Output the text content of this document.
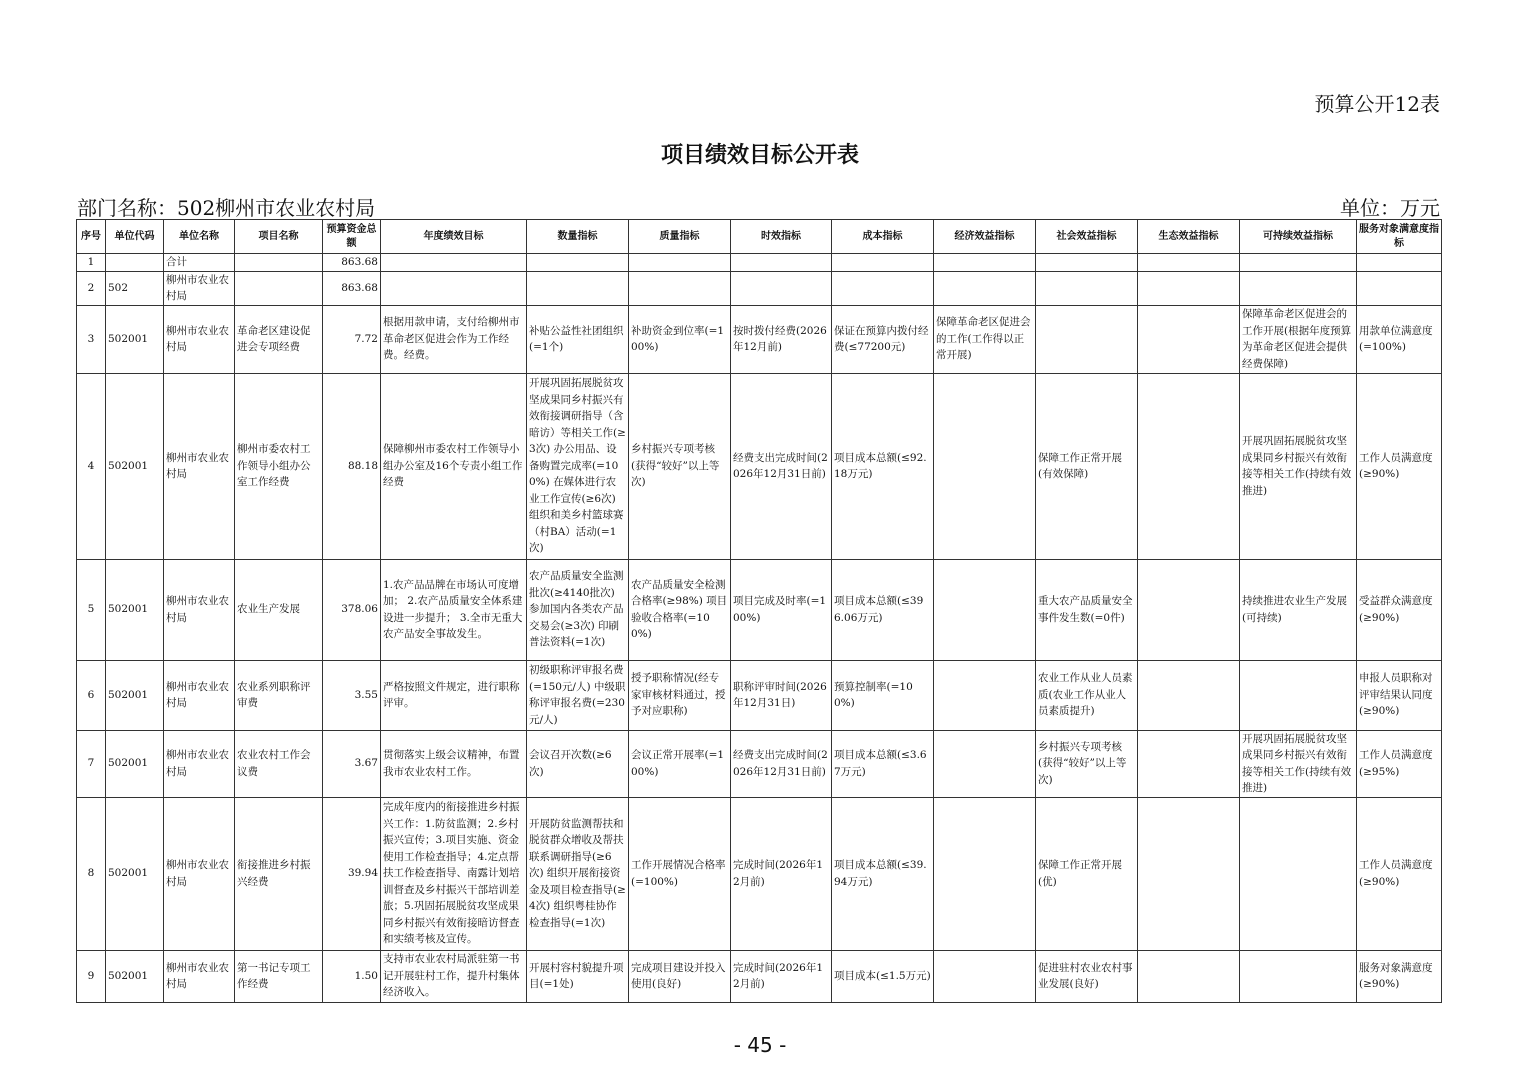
预算公开12表
项目绩效目标公开表
部门名称：502柳州市农业农村局	单位：万元
序号	单位代码	单位名称	项目名称	预算资金总额	年度绩效目标	数量指标	质量指标	时效指标	成本指标	经济效益指标	社会效益指标	生态效益指标	可持续效益指标	服务对象满意度指标
1		合计		863.68										
2	502	柳州市农业农村局		863.68										
3	502001	柳州市农业农村局	革命老区建设促进会专项经费	7.72	根据用款申请，支付给柳州市革命老区促进会作为工作经费。经费。	补贴公益性社团组织(=1个)	补助资金到位率(=100%)	按时拨付经费(2026年12月前)	保证在预算内拨付经费(≤77200元)	保障革命老区促进会的工作(工作得以正常开展)			保障革命老区促进会的工作开展(根据年度预算为革命老区促进会提供经费保障)	用款单位满意度(=100%)
4	502001	柳州市农业农村局	柳州市委农村工作领导小组办公室工作经费	88.18	保障柳州市委农村工作领导小组办公室及16个专责小组工作经费	开展巩固拓展脱贫攻坚成果同乡村振兴有效衔接调研指导（含暗访）等相关工作(≥3次) 办公用品、设备购置完成率(=100%) 在媒体进行农业工作宣传(≥6次) 组织和美乡村篮球赛（村BA）活动(=1次)	乡村振兴专项考核(获得“较好”以上等次)	经费支出完成时间(2026年12月31日前)	项目成本总额(≤92.18万元)		保障工作正常开展(有效保障)		开展巩固拓展脱贫攻坚成果同乡村振兴有效衔接等相关工作(持续有效推进)	工作人员满意度(≥90%)
5	502001	柳州市农业农村局	农业生产发展	378.06	1.农产品品牌在市场认可度增加； 2.农产品质量安全体系建设进一步提升； 3.全市无重大农产品安全事故发生。	农产品质量安全监测批次(≥4140批次) 参加国内各类农产品交易会(≥3次) 印刷普法资料(=1次)	农产品质量安全检测合格率(≥98%) 项目验收合格率(=100%)	项目完成及时率(=100%)	项目成本总额(≤396.06万元)		重大农产品质量安全事件发生数(=0件)		持续推进农业生产发展(可持续)	受益群众满意度(≥90%)
6	502001	柳州市农业农村局	农业系列职称评审费	3.55	严格按照文件规定，进行职称评审。	初级职称评审报名费(=150元/人) 中级职称评审报名费(=230元/人)	授予职称情况(经专家审核材料通过，授予对应职称)	职称评审时间(2026年12月31日)	预算控制率(=100%)		农业工作从业人员素质(农业工作从业人员素质提升)			申报人员职称对评审结果认同度(≥90%)
7	502001	柳州市农业农村局	农业农村工作会议费	3.67	贯彻落实上级会议精神，布置我市农业农村工作。	会议召开次数(≥6次)	会议正常开展率(=100%)	经费支出完成时间(2026年12月31日前)	项目成本总额(≤3.67万元)		乡村振兴专项考核(获得“较好”以上等次)		开展巩固拓展脱贫攻坚成果同乡村振兴有效衔接等相关工作(持续有效推进)	工作人员满意度(≥95%)
8	502001	柳州市农业农村局	衔接推进乡村振兴经费	39.94	完成年度内的衔接推进乡村振兴工作：1.防贫监测；2.乡村振兴宣传；3.项目实施、资金使用工作检查指导；4.定点帮扶工作检查指导、南露计划培训督查及乡村振兴干部培训差旅；5.巩固拓展脱贫攻坚成果同乡村振兴有效衔接暗访督查和实绩考核及宣传。	开展防贫监测帮扶和脱贫群众增收及帮扶联系调研指导(≥6次) 组织开展衔接资金及项目检查指导(≥4次) 组织粤桂协作检查指导(=1次)	工作开展情况合格率(=100%)	完成时间(2026年12月前)	项目成本总额(≤39.94万元)		保障工作正常开展(优)			工作人员满意度(≥90%)
9	502001	柳州市农业农村局	第一书记专项工作经费	1.50	支持市农业农村局派驻第一书记开展驻村工作，提升村集体经济收入。	开展村容村貌提升项目(=1处)	完成项目建设并投入使用(良好)	完成时间(2026年12月前)	项目成本(≤1.5万元)		促进驻村农业农村事业发展(良好)			服务对象满意度(≥90%)
- 45 -
